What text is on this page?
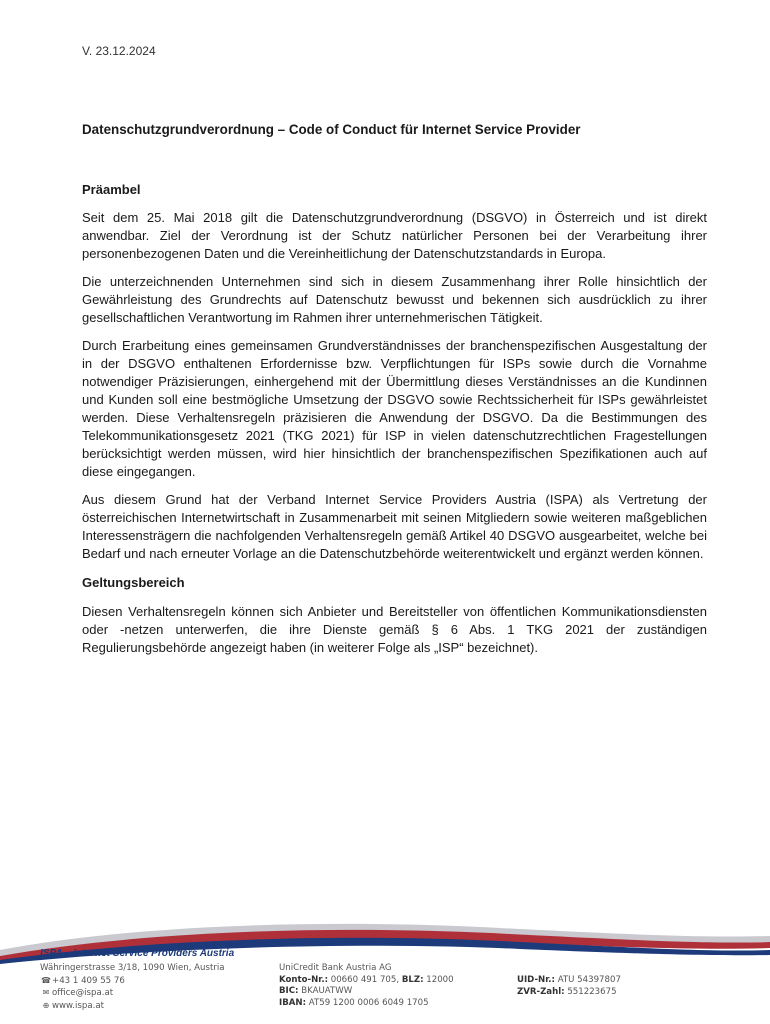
V. 23.12.2024
Datenschutzgrundverordnung – Code of Conduct für Internet Service Provider
Präambel

Seit dem 25. Mai 2018 gilt die Datenschutzgrundverordnung (DSGVO) in Österreich und ist direkt anwendbar. Ziel der Verordnung ist der Schutz natürlicher Personen bei der Verarbeitung ihrer personenbezogenen Daten und die Vereinheitlichung der Datenschutzstandards in Europa.

Die unterzeichnenden Unternehmen sind sich in diesem Zusammenhang ihrer Rolle hinsichtlich der Gewährleistung des Grundrechts auf Datenschutz bewusst und bekennen sich ausdrücklich zu ihrer gesellschaftlichen Verantwortung im Rahmen ihrer unternehmerischen Tätigkeit.

Durch Erarbeitung eines gemeinsamen Grundverständnisses der branchenspezifischen Ausgestaltung der in der DSGVO enthaltenen Erfordernisse bzw. Verpflichtungen für ISPs sowie durch die Vornahme notwendiger Präzisierungen, einhergehend mit der Übermittlung dieses Verständnisses an die Kundinnen und Kunden soll eine bestmögliche Umsetzung der DSGVO sowie Rechtssicherheit für ISPs gewährleistet werden. Diese Verhaltensregeln präzisieren die Anwendung der DSGVO. Da die Bestimmungen des Telekommunikationsgesetz 2021 (TKG 2021) für ISP in vielen datenschutzrechtlichen Fragestellungen berücksichtigt werden müssen, wird hier hinsichtlich der branchenspezifischen Spezifikationen auch auf diese eingegangen.

Aus diesem Grund hat der Verband Internet Service Providers Austria (ISPA) als Vertretung der österreichischen Internetwirtschaft in Zusammenarbeit mit seinen Mitgliedern sowie weiteren maßgeblichen Interessensträgern die nachfolgenden Verhaltensregeln gemäß Artikel 40 DSGVO ausgearbeitet, welche bei Bedarf und nach erneuter Vorlage an die Datenschutzbehörde weiterentwickelt und ergänzt werden können.

Geltungsbereich

Diesen Verhaltensregeln können sich Anbieter und Bereitsteller von öffentlichen Kommunikationsdiensten oder -netzen unterwerfen, die ihre Dienste gemäß § 6 Abs. 1 TKG 2021 der zuständigen Regulierungsbehörde angezeigt haben (in weiterer Folge als „ISP“ bezeichnet).

ISPA – Internet Service Providers Austria
Währingerstrasse 3/18, 1090 Wien, Austria
☎+43 1 409 55 76
✉ office@ispa.at
⊕ www.ispa.at
UniCredit Bank Austria AG
Konto-Nr.: 00660 491 705, BLZ: 12000
BIC: BKAUATWW
IBAN: AT59 1200 0006 6049 1705
UID-Nr.: ATU 54397807
ZVR-Zahl: 551223675
